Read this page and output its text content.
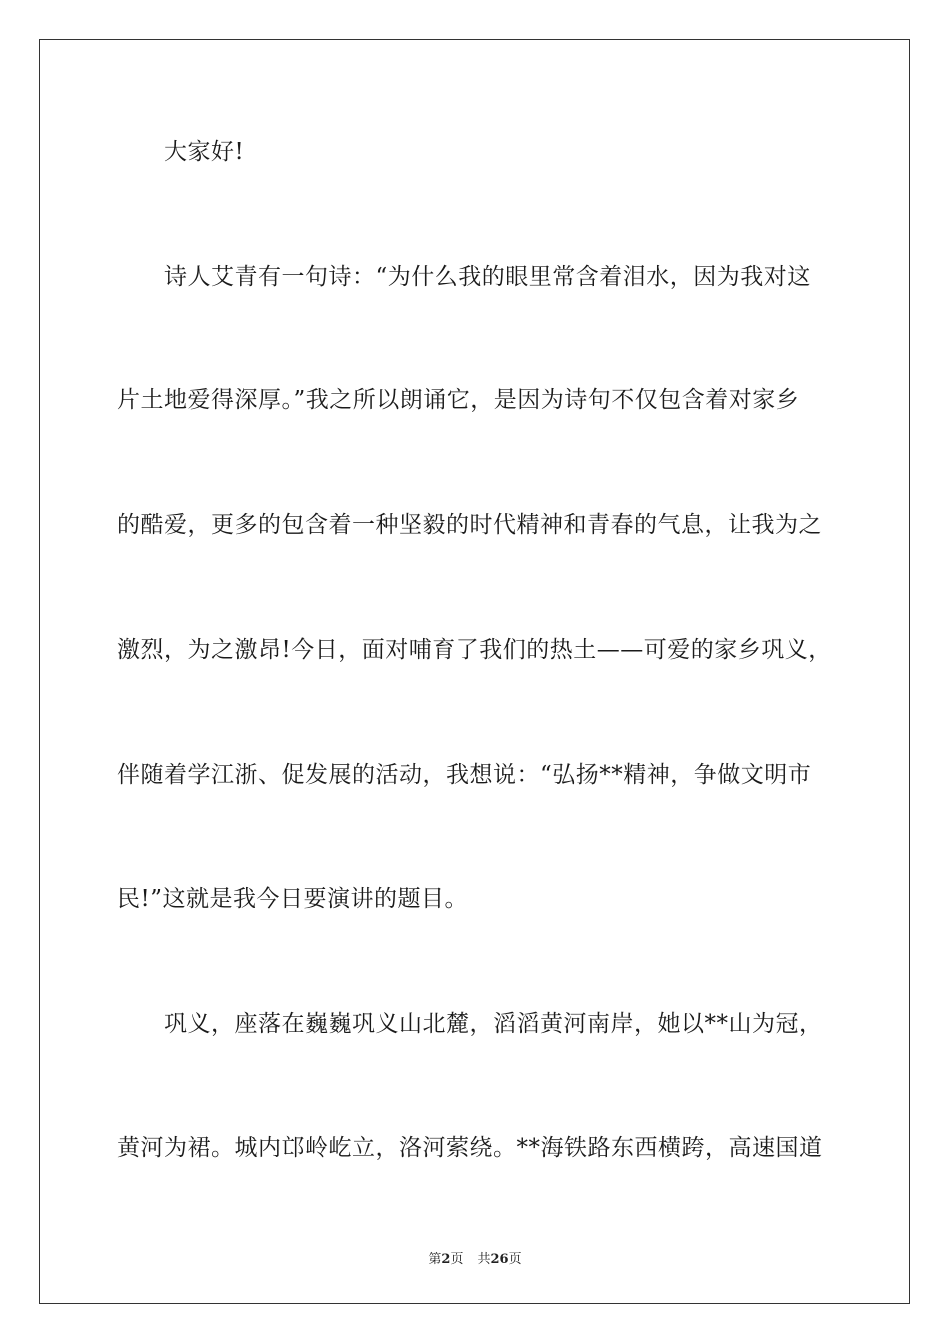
大家好!
诗人艾青有一句诗：“为什么我的眼里常含着泪水，因为我对这
片土地爱得深厚。”我之所以朗诵它，是因为诗句不仅包含着对家乡
的酷爱，更多的包含着一种坚毅的时代精神和青春的气息，让我为之
激烈，为之激昂!今日，面对哺育了我们的热土——可爱的家乡巩义，
伴随着学江浙、促发展的活动，我想说：“弘扬**精神，争做文明市
民!”这就是我今日要演讲的题目。
巩义，座落在巍巍巩义山北麓，滔滔黄河南岸，她以**山为冠，
黄河为裙。城内邙岭屹立，洛河萦绕。**海铁路东西横跨，高速国道
第2页 共26页
